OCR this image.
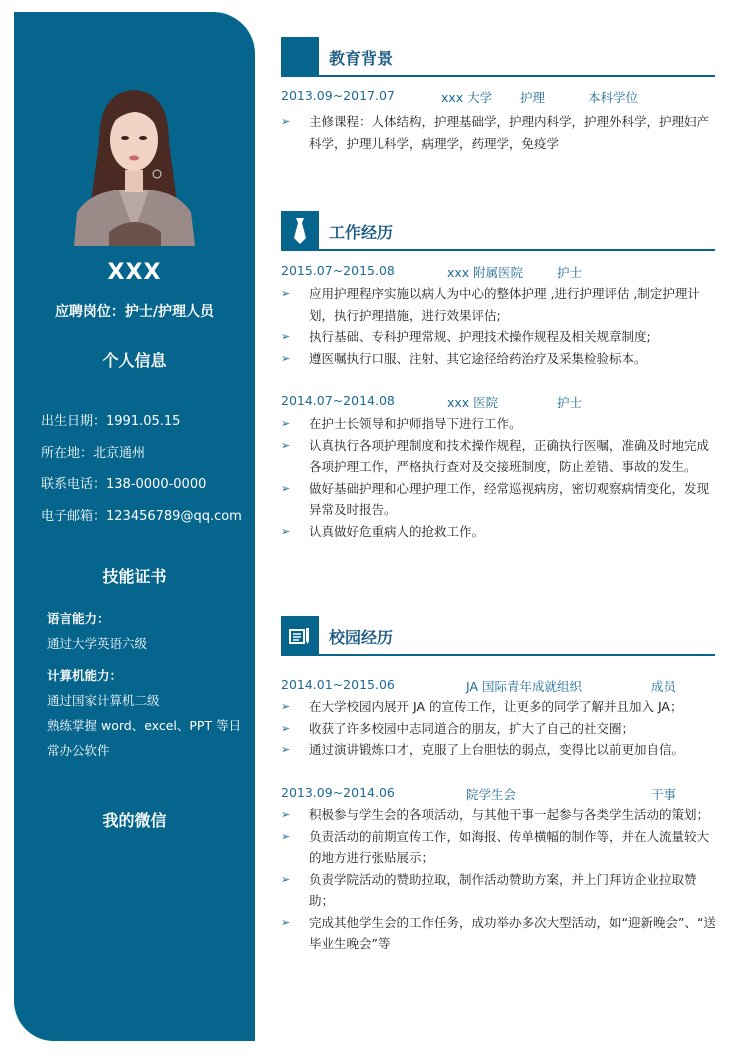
XXX
应聘岗位：护士/护理人员
个人信息
出生日期：1991.05.15
所在地：北京通州
联系电话：138-0000-0000
电子邮箱：123456789@qq.com
技能证书
语言能力：
通过大学英语六级
计算机能力：
通过国家计算机二级
熟练掌握 word、excel、PPT 等日
常办公软件
我的微信
教育背景
2013.09~2017.07	xxx 大学 护理	本科学位
➢ 主修课程：人体结构，护理基础学，护理内科学，护理外科学，护理妇产科学，护理儿科学，病理学，药理学，免疫学
工作经历
2015.07~2015.08	xxx 附属医院	护士
➢ 应用护理程序实施以病人为中心的整体护理 ,进行护理评估 ,制定护理计划，执行护理措施，进行效果评估;
➢ 执行基础、专科护理常规、护理技术操作规程及相关规章制度;
➢ 遵医嘱执行口服、注射、其它途径给药治疗及采集检验标本。
2014.07~2014.08	xxx 医院	护士
➢ 在护士长领导和护师指导下进行工作。
➢ 认真执行各项护理制度和技术操作规程，正确执行医嘱，准确及时地完成各项护理工作，严格执行查对及交接班制度，防止差错、事故的发生。
➢ 做好基础护理和心理护理工作，经常巡视病房，密切观察病情变化，发现异常及时报告。
➢ 认真做好危重病人的抢救工作。
校园经历
2014.01~2015.06	JA 国际青年成就组织	成员
➢ 在大学校园内展开 JA 的宣传工作，让更多的同学了解并且加入 JA；
➢ 收获了许多校园中志同道合的朋友，扩大了自己的社交圈；
➢ 通过演讲锻炼口才，克服了上台胆怯的弱点，变得比以前更加自信。
2013.09~2014.06	院学生会	干事
➢ 积极参与学生会的各项活动，与其他干事一起参与各类学生活动的策划；
➢ 负责活动的前期宣传工作，如海报、传单横幅的制作等，并在人流量较大的地方进行张贴展示；
➢ 负责学院活动的赞助拉取，制作活动赞助方案，并上门拜访企业拉取赞助；
➢ 完成其他学生会的工作任务，成功举办多次大型活动，如“迎新晚会”、“送毕业生晚会”等
